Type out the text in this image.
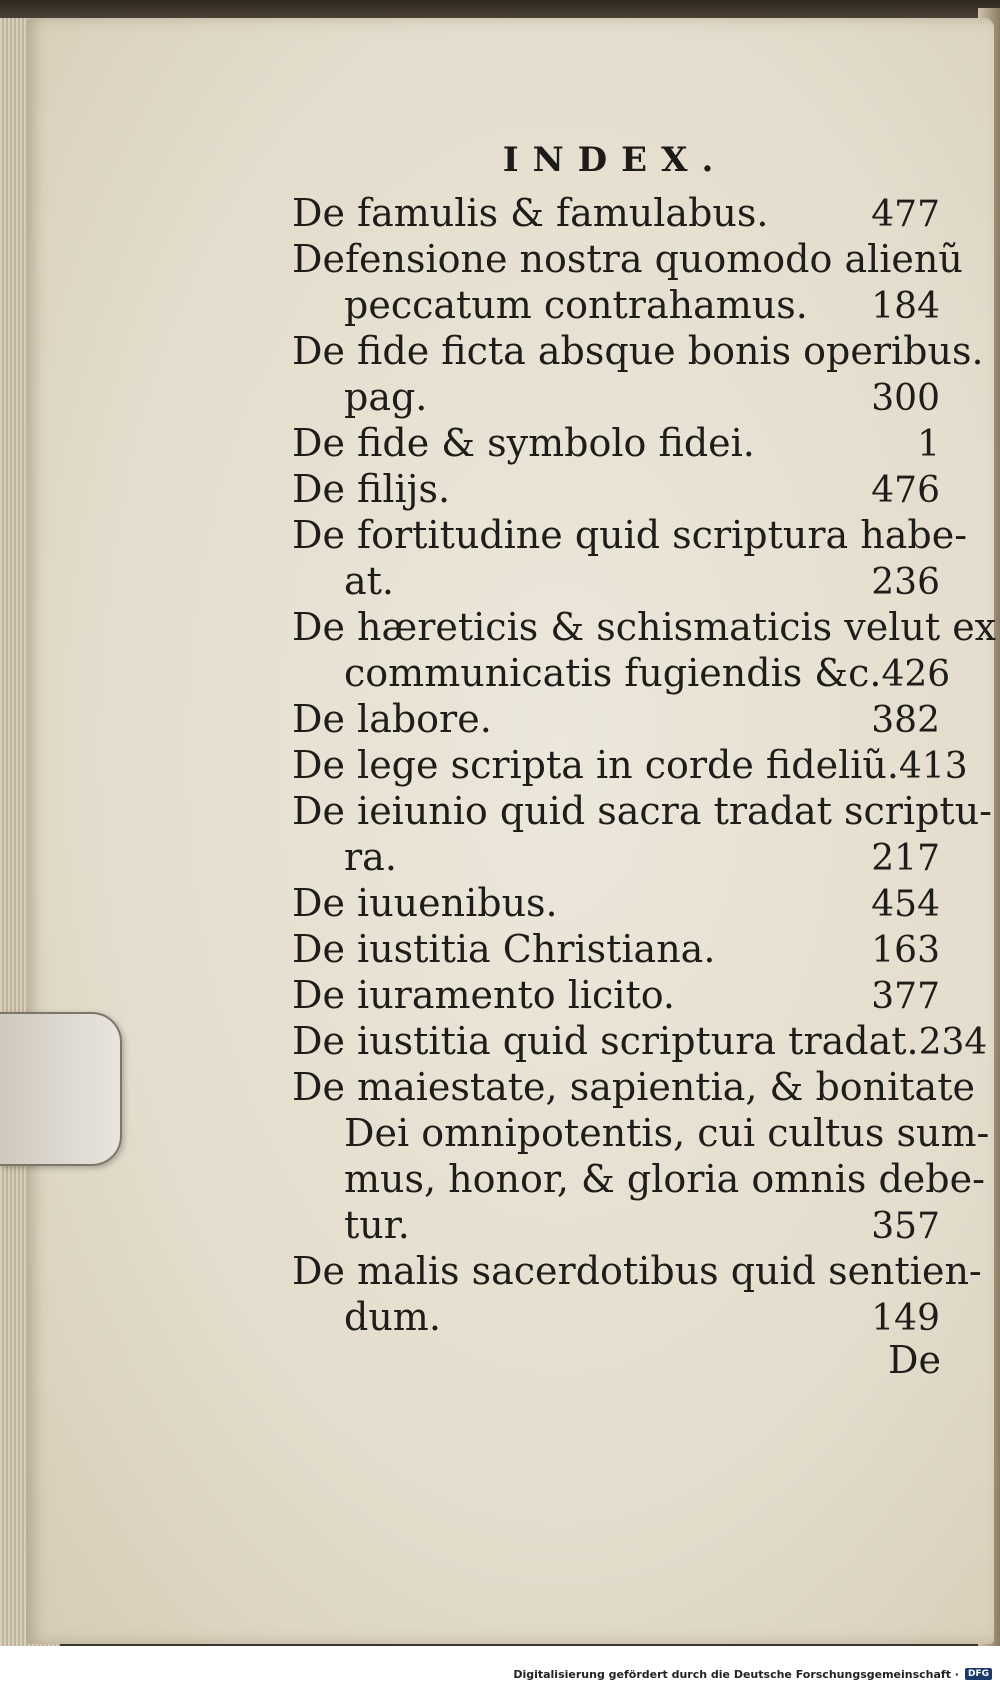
INDEX.
De famulis & famulabus.	477
Defensione nostra quomodo alienũ
peccatum contrahamus. 184
De fide ficta absque bonis operibus.
pag.	300
De fide & symbolo fidei.	1
De filijs.	476
De fortitudine quid scriptura habe-
at.	236
De hæreticis & schismaticis velut ex
communicatis fugiendis &c. 426
De labore.	382
De lege scripta in corde fideliũ. 413
De ieiunio quid sacra tradat scriptu-
ra.	217
De iuuenibus.	454
De iustitia Christiana.	163
De iuramento licito.	377
De iustitia quid scriptura tradat. 234
De maiestate, sapientia, & bonitate
Dei omnipotentis, cui cultus sum-
mus, honor, & gloria omnis debe-
tur.	357
De malis sacerdotibus quid sentien-
dum.	149
De
Digitalisierung gefördert durch die Deutsche Forschungsgemeinschaft ·	DFG
